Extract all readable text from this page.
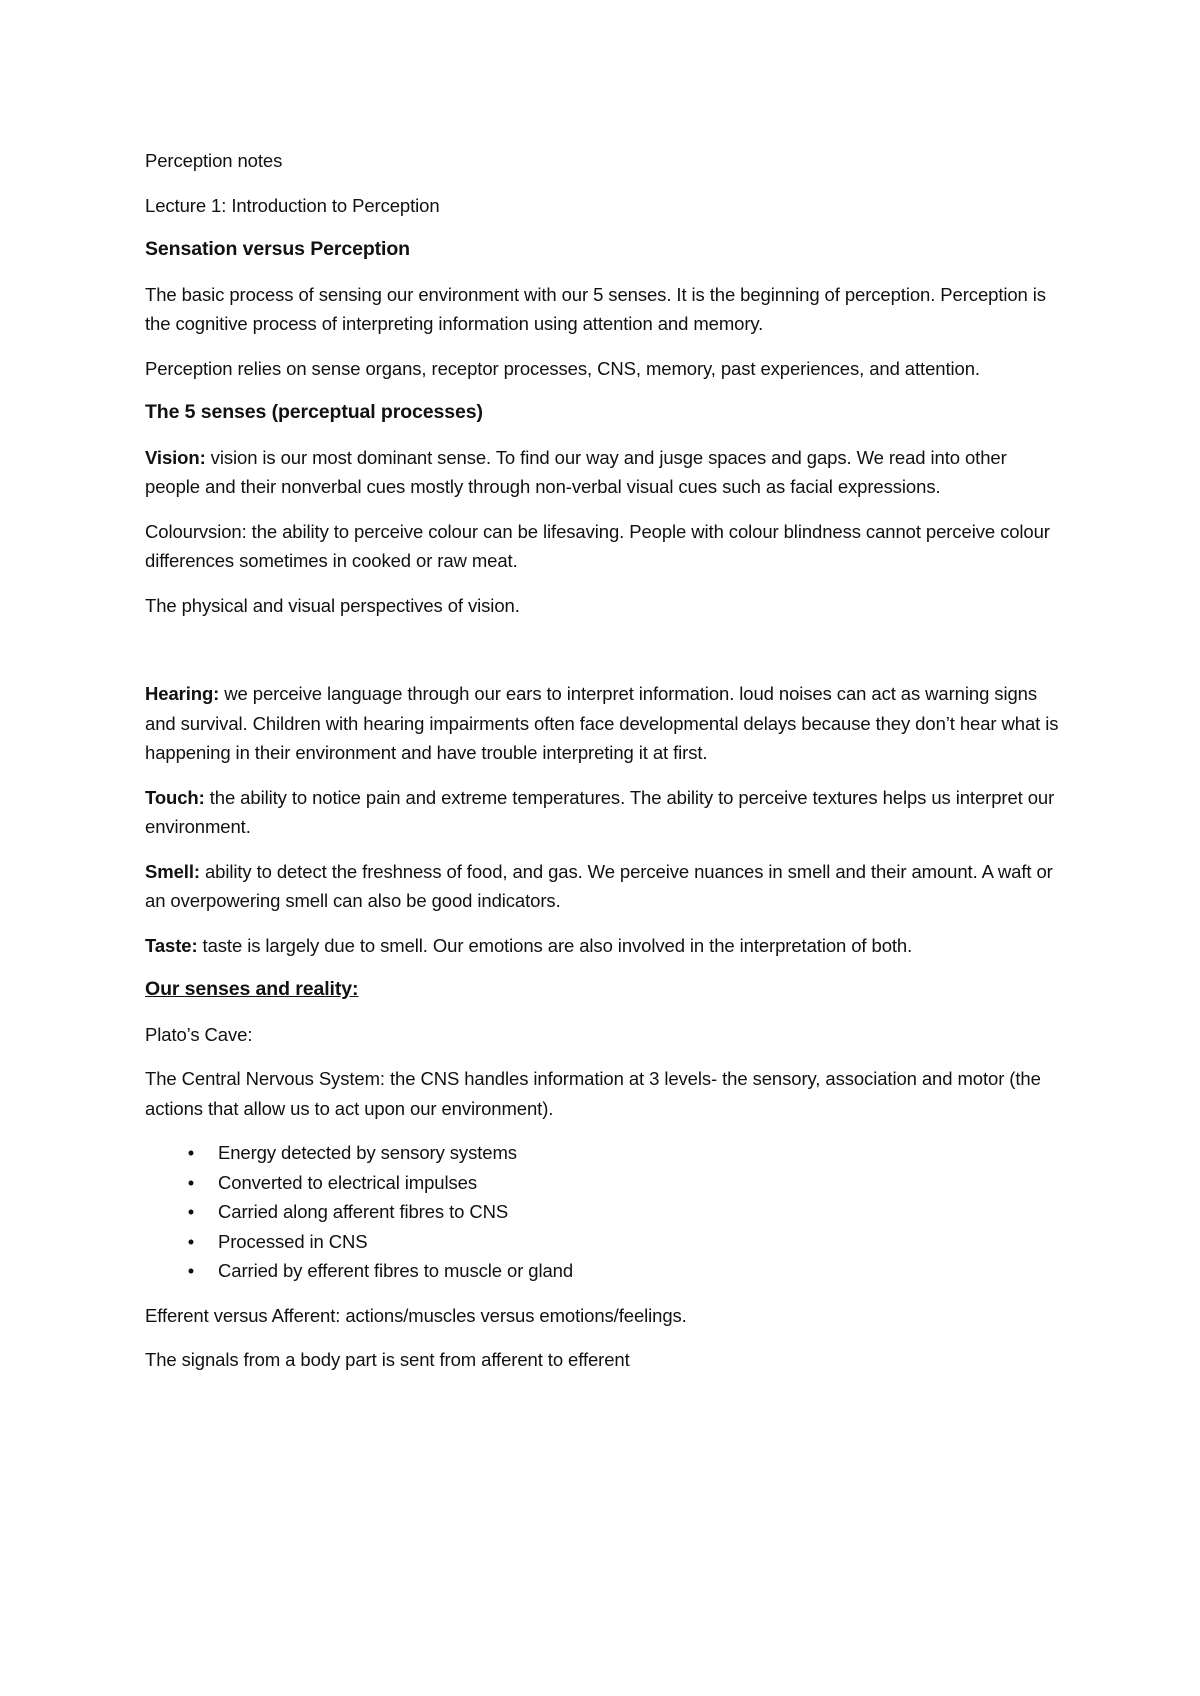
Perception notes

Lecture 1: Introduction to Perception

Sensation versus Perception

The basic process of sensing our environment with our 5 senses. It is the beginning of perception. Perception is the cognitive process of interpreting information using attention and memory.

Perception relies on sense organs, receptor processes, CNS, memory, past experiences, and attention.

The 5 senses (perceptual processes)

Vision: vision is our most dominant sense. To find our way and jusge spaces and gaps. We read into other people and their nonverbal cues mostly through non-verbal visual cues such as facial expressions.

Colourvsion: the ability to perceive colour can be lifesaving. People with colour blindness cannot perceive colour differences sometimes in cooked or raw meat.

The physical and visual perspectives of vision.

Hearing: we perceive language through our ears to interpret information. loud noises can act as warning signs and survival. Children with hearing impairments often face developmental delays because they don’t hear what is happening in their environment and have trouble interpreting it at first.

Touch: the ability to notice pain and extreme temperatures. The ability to perceive textures helps us interpret our environment.

Smell: ability to detect the freshness of food, and gas. We perceive nuances in smell and their amount. A waft or an overpowering smell can also be good indicators.

Taste: taste is largely due to smell. Our emotions are also involved in the interpretation of both.

Our senses and reality:

Plato’s Cave:

The Central Nervous System: the CNS handles information at 3 levels- the sensory, association and motor (the actions that allow us to act upon our environment).

• Energy detected by sensory systems
• Converted to electrical impulses
• Carried along afferent fibres to CNS
• Processed in CNS
• Carried by efferent fibres to muscle or gland

Efferent versus Afferent: actions/muscles versus emotions/feelings.

The signals from a body part is sent from afferent to efferent
